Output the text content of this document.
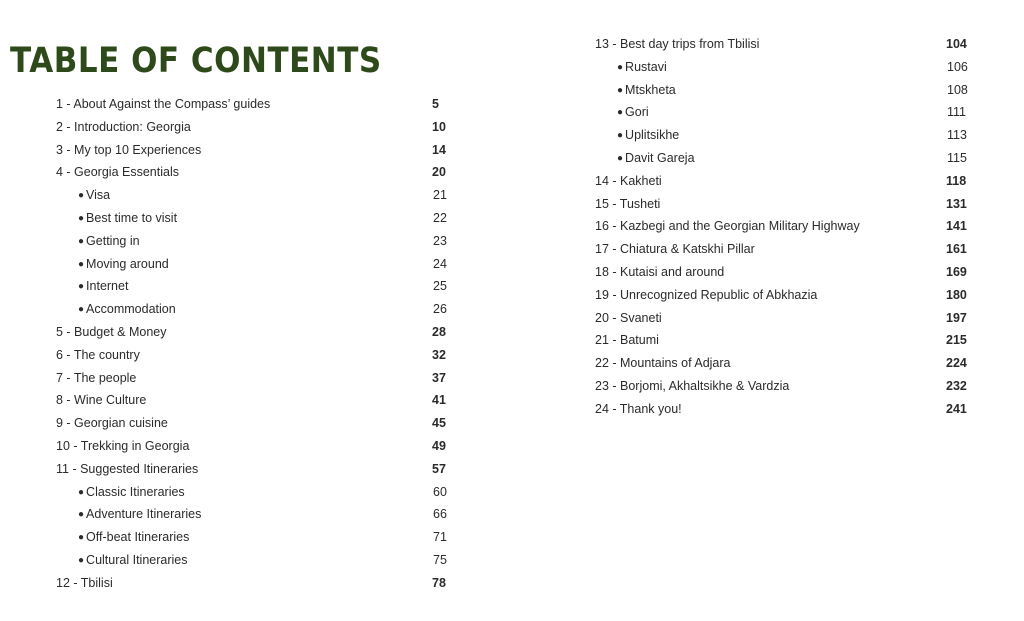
TABLE OF CONTENTS
1 - About Against the Compass’ guides	5
2 - Introduction: Georgia	10
3 - My top 10 Experiences	14
4 - Georgia Essentials	20
● Visa	21
● Best time to visit	22
● Getting in	23
● Moving around	24
● Internet	25
● Accommodation	26
5 - Budget & Money	28
6 - The country	32
7 - The people	37
8 - Wine Culture	41
9 - Georgian cuisine	45
10 - Trekking in Georgia	49
11 - Suggested Itineraries	57
● Classic Itineraries	60
● Adventure Itineraries	66
● Off-beat Itineraries	71
● Cultural Itineraries	75
12 - Tbilisi	78
13 - Best day trips from Tbilisi	104
● Rustavi	106
● Mtskheta	108
● Gori	111
● Uplitsikhe	113
● Davit Gareja	115
14 - Kakheti	118
15 - Tusheti	131
16 - Kazbegi and the Georgian Military Highway	141
17 - Chiatura & Katskhi Pillar	161
18 - Kutaisi and around	169
19 - Unrecognized Republic of Abkhazia	180
20 - Svaneti	197
21 - Batumi	215
22 - Mountains of Adjara	224
23 - Borjomi, Akhaltsikhe & Vardzia	232
24 - Thank you!	241
